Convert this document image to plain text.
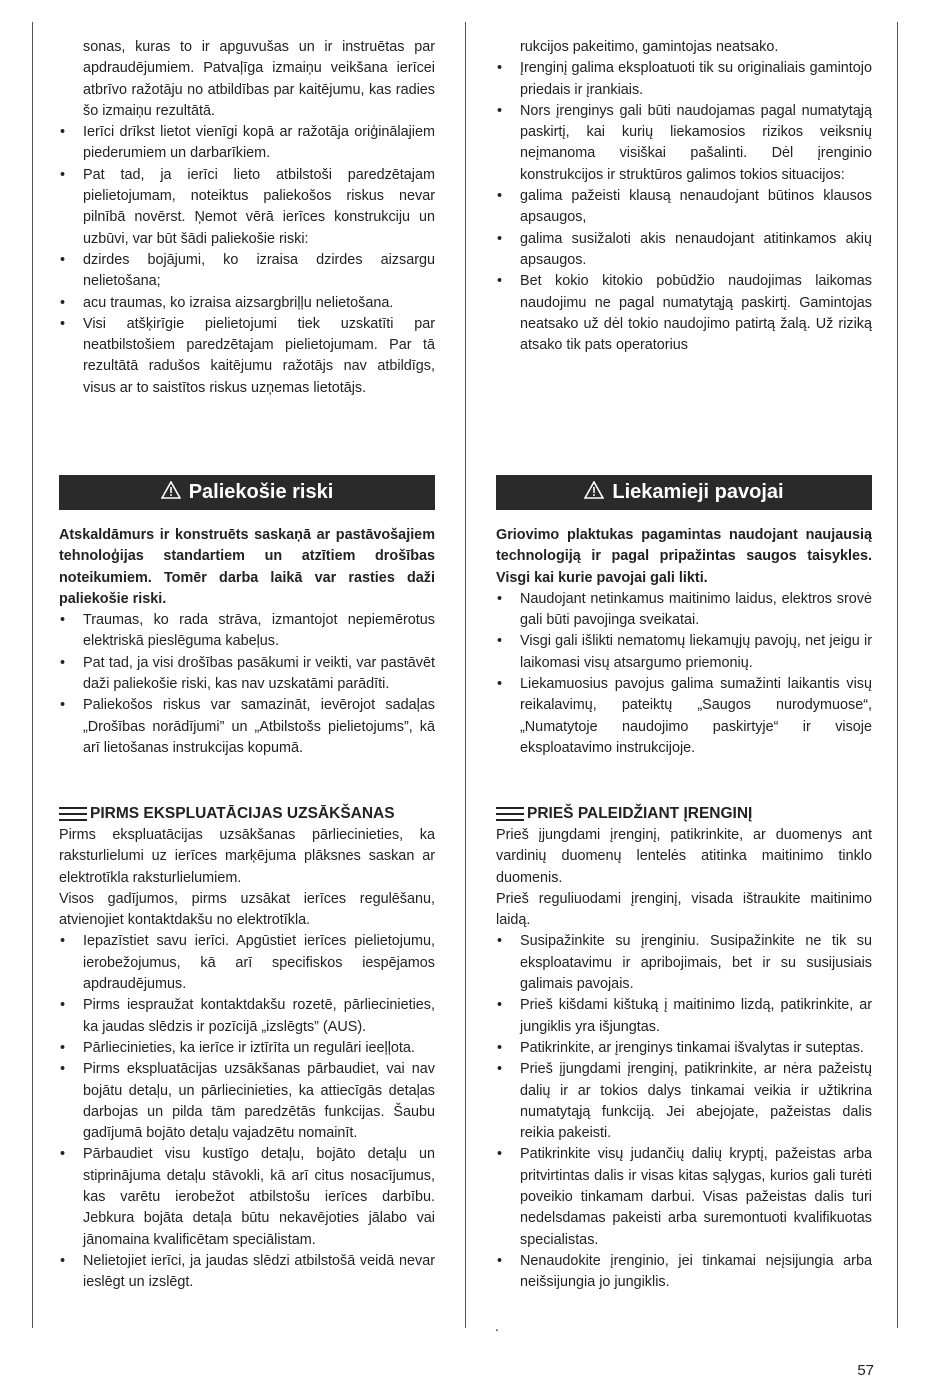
sonas, kuras to ir apguvušas un ir instruētas par apdraudējumiem. Patvaļīga izmaiņu veikšana ierīcei atbrīvo ražotāju no atbildības par kaitējumu, kas radies šo izmaiņu rezultātā.

• Ierīci drīkst lietot vienīgi kopā ar ražotāja oriģinālajiem piederumiem un darbarīkiem.
• Pat tad, ja ierīci lieto atbilstoši paredzētajam pielietojumam, noteiktus paliekošos riskus nevar pilnībā novērst. Ņemot vērā ierīces konstrukciju un uzbūvi, var būt šādi paliekošie riski:
• dzirdes bojājumi, ko izraisa dzirdes aizsargu nelietošana;
• acu traumas, ko izraisa aizsargbriļļu nelietošana.
• Visi atšķirīgie pielietojumi tiek uzskatīti par neatbilstošiem paredzētajam pielietojumam. Par tā rezultātā radušos kaitējumu ražotājs nav atbildīgs, visus ar to saistītos riskus uzņemas lietotājs.
Paliekošie riski

Atskaldāmurs ir konstruēts saskaņā ar pastāvošajiem tehnoloģijas standartiem un atzītiem drošības noteikumiem. Tomēr darba laikā var rasties daži paliekošie riski.

• Traumas, ko rada strāva, izmantojot nepiemērotus elektriskā pieslēguma kabeļus.
• Pat tad, ja visi drošības pasākumi ir veikti, var pastāvēt daži paliekošie riski, kas nav uzskatāmi parādīti.
• Paliekošos riskus var samazināt, ievērojot sadaļas „Drošības norādījumi” un „Atbilstošs pielietojums”, kā arī lietošanas instrukcijas kopumā.
PIRMS EKSPLUATĀCIJAS UZSĀKŠANAS

Pirms ekspluatācijas uzsākšanas pārliecinieties, ka raksturlielumi uz ierīces marķējuma plāksnes saskan ar elektrotīkla raksturlielumiem.

Visos gadījumos, pirms uzsākat ierīces regulēšanu, atvienojiet kontaktdakšu no elektrotīkla.

• Iepazīstiet savu ierīci. Apgūstiet ierīces pielietojumu, ierobežojumus, kā arī specifiskos iespējamos apdraudējumus.
• Pirms iespraužat kontaktdakšu rozetē, pārliecinieties, ka jaudas slēdzis ir pozīcijā „izslēgts” (AUS).
• Pārliecinieties, ka ierīce ir iztīrīta un regulāri ieeļļota.
• Pirms ekspluatācijas uzsākšanas pārbaudiet, vai nav bojātu detaļu, un pārliecinieties, ka attiecīgās detaļas darbojas un pilda tām paredzētās funkcijas. Šaubu gadījumā bojāto detaļu vajadzētu nomainīt.
• Pārbaudiet visu kustīgo detaļu, bojāto detaļu un stiprinājuma detaļu stāvokli, kā arī citus nosacījumus, kas varētu ierobežot atbilstošu ierīces darbību. Jebkura bojāta detaļa būtu nekavējoties jālabo vai jānomaina kvalificētam speciālistam.
• Nelietojiet ierīci, ja jaudas slēdzi atbilstošā veidā nevar ieslēgt un izslēgt.

rukcijos pakeitimo, gamintojas neatsako.

• Įrenginį galima eksploatuoti tik su originaliais gamintojo priedais ir įrankiais.
• Nors įrenginys gali būti naudojamas pagal numatytąją paskirtį, kai kurių liekamosios rizikos veiksnių neįmanoma visiškai pašalinti. Dėl įrenginio konstrukcijos ir struktūros galimos tokios situacijos:
• galima pažeisti klausą nenaudojant būtinos klausos apsaugos,
• galima susižaloti akis nenaudojant atitinkamos akių apsaugos.
• Bet kokio kitokio pobūdžio naudojimas laikomas naudojimu ne pagal numatytąją paskirtį. Gamintojas neatsako už dėl tokio naudojimo patirtą žalą. Už riziką atsako tik pats operatorius
Liekamieji pavojai

Griovimo plaktukas pagamintas naudojant naujausią technologiją ir pagal pripažintas saugos taisykles. Visgi kai kurie pavojai gali likti.

• Naudojant netinkamus maitinimo laidus, elektros srovė gali būti pavojinga sveikatai.
• Visgi gali išlikti nematomų liekamųjų pavojų, net jeigu ir laikomasi visų atsargumo priemonių.
• Liekamuosius pavojus galima sumažinti laikantis visų reikalavimų, pateiktų „Saugos nurodymuose“, „Numatytoje naudojimo paskirtyje“ ir visoje eksploatavimo instrukcijoje.
PRIEŠ PALEIDŽIANT ĮRENGINĮ

Prieš įjungdami įrenginį, patikrinkite, ar duomenys ant vardinių duomenų lentelės atitinka maitinimo tinklo duomenis.

Prieš reguliuodami įrenginį, visada ištraukite maitinimo laidą.

• Susipažinkite su įrenginiu. Susipažinkite ne tik su eksploatavimu ir apribojimais, bet ir su susijusiais galimais pavojais.
• Prieš kišdami kištuką į maitinimo lizdą, patikrinkite, ar jungiklis yra išjungtas.
• Patikrinkite, ar įrenginys tinkamai išvalytas ir suteptas.
• Prieš įjungdami įrenginį, patikrinkite, ar nėra pažeistų dalių ir ar tokios dalys tinkamai veikia ir užtikrina numatytąją funkciją. Jei abejojate, pažeistas dalis reikia pakeisti.
• Patikrinkite visų judančių dalių kryptį, pažeistas arba pritvirtintas dalis ir visas kitas sąlygas, kurios gali turėti poveikio tinkamam darbui. Visas pažeistas dalis turi nedelsdamas pakeisti arba suremontuoti kvalifikuotas specialistas.
• Nenaudokite įrenginio, jei tinkamai neįsijungia arba neišsijungia jo jungiklis.
.
57
